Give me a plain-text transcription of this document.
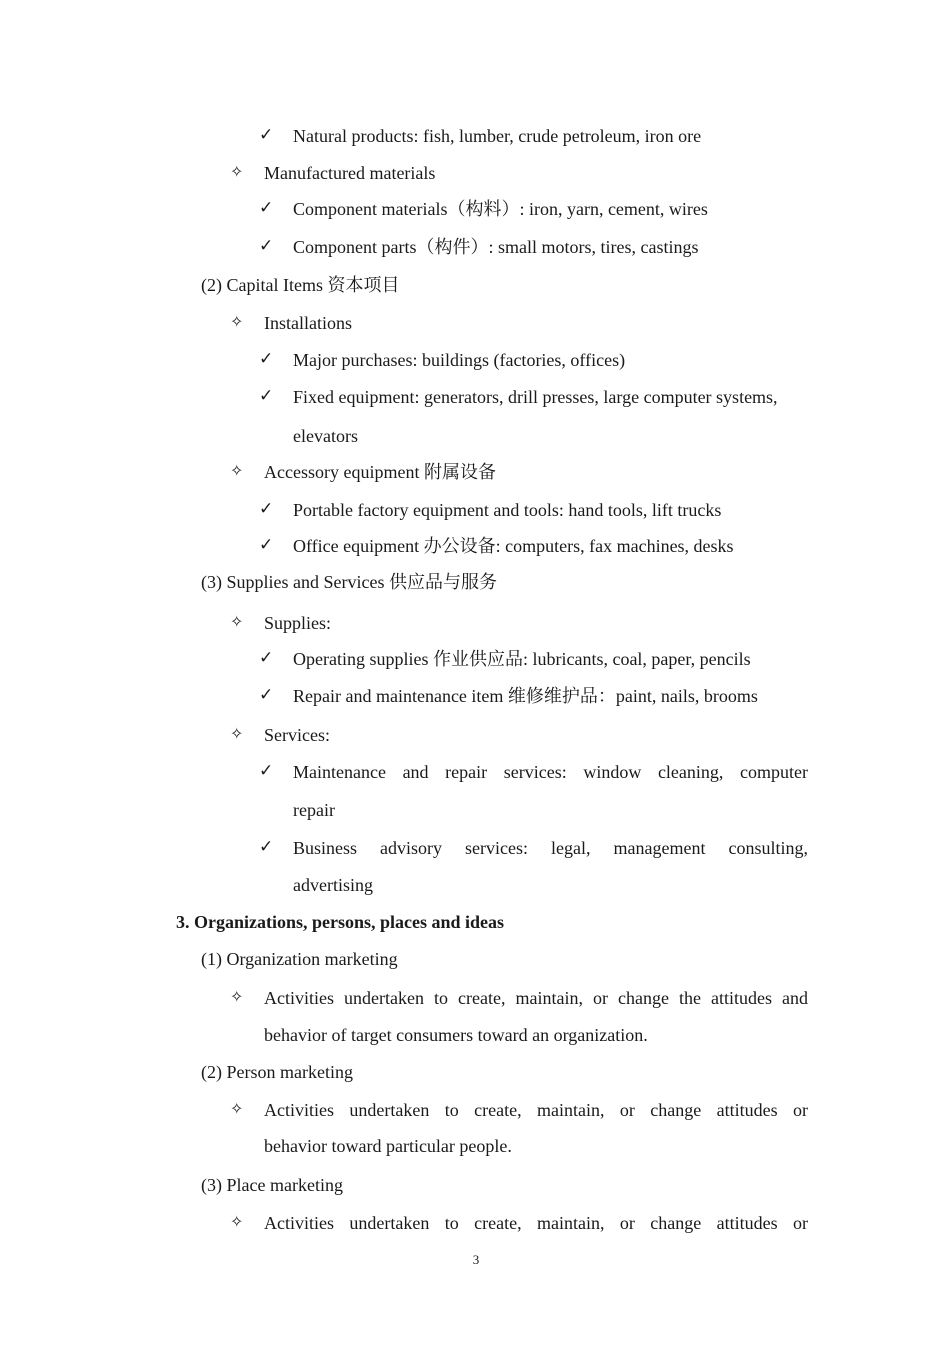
✓ Natural products: fish, lumber, crude petroleum, iron ore
✧ Manufactured materials
✓ Component materials（构料）: iron, yarn, cement, wires
✓ Component parts（构件）: small motors, tires, castings
(2) Capital Items 资本项目
✧ Installations
✓ Major purchases: buildings (factories, offices)
✓ Fixed equipment: generators, drill presses, large computer systems,
elevators
✧ Accessory equipment 附属设备
✓ Portable factory equipment and tools: hand tools, lift trucks
✓ Office equipment 办公设备: computers, fax machines, desks
(3) Supplies and Services 供应品与服务
✧ Supplies:
✓ Operating supplies 作业供应品: lubricants, coal, paper, pencils
✓ Repair and maintenance item 维修维护品：paint, nails, brooms
✧ Services:
✓ Maintenance and repair services: window cleaning, computer
repair
✓ Business advisory services: legal, management consulting,
advertising
3. Organizations, persons, places and ideas
(1) Organization marketing
✧ Activities undertaken to create, maintain, or change the attitudes and
behavior of target consumers toward an organization.
(2) Person marketing
✧ Activities undertaken to create, maintain, or change attitudes or
behavior toward particular people.
(3) Place marketing
✧ Activities undertaken to create, maintain, or change attitudes or
3
